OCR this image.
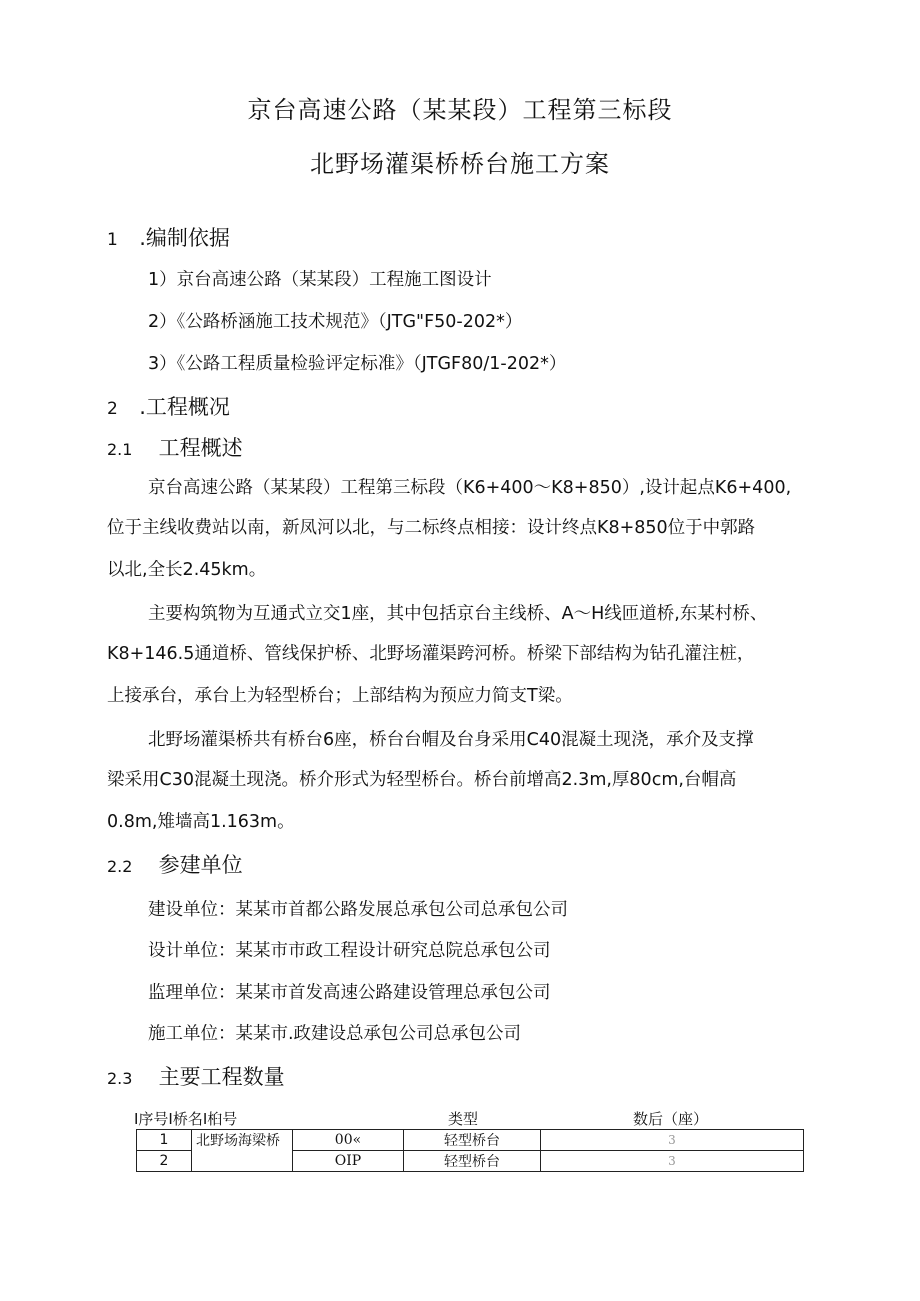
京台高速公路（某某段）工程第三标段
北野场灌渠桥桥台施工方案
1 .编制依据
1）京台高速公路（某某段）工程施工图设计
2）《公路桥涵施工技术规范》（JTG"F50-202*）
3）《公路工程质量检验评定标准》（JTGF80/1-202*）
2 .工程概况
2.1 工程概述
京台高速公路（某某段）工程第三标段（K6+400～K8+850）,设计起点K6+400,
位于主线收费站以南，新凤河以北，与二标终点相接：设计终点K8+850位于中郭路
以北,全长2.45km。
主要构筑物为互通式立交1座，其中包括京台主线桥、A～H线匝道桥,东某村桥、
K8+146.5通道桥、管线保护桥、北野场灌渠跨河桥。桥梁下部结构为钻孔灌注桩，
上接承台，承台上为轻型桥台；上部结构为预应力简支T梁。
北野场灌渠桥共有桥台6座，桥台台帽及台身采用C40混凝土现浇，承介及支撑
梁采用C30混凝土现浇。桥介形式为轻型桥台。桥台前增高2.3m,厚80cm,台帽高
0.8m,雉墙高1.163m。
2.2 参建单位
建设单位：某某市首都公路发展总承包公司总承包公司
设计单位：某某市市政工程设计研究总院总承包公司
监理单位：某某市首发高速公路建设管理总承包公司
施工单位：某某市.政建设总承包公司总承包公司
2.3 主要工程数量
I序号I桥名I桕号	类型	数后（座）
1	北野场海梁桥	00«	轻型桥台	3
2		OIP	轻型桥台	3
